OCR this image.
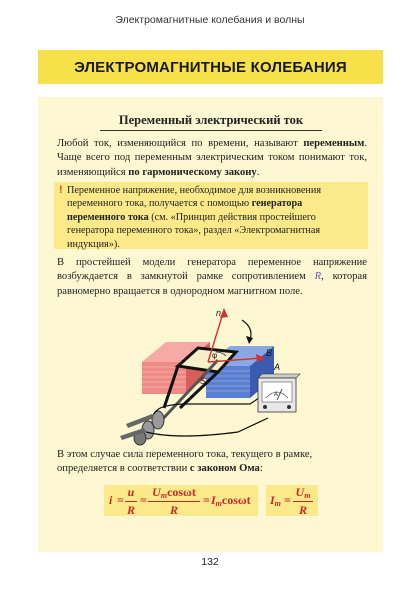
Электромагнитные колебания и волны
ЭЛЕКТРОМАГНИТНЫЕ КОЛЕБАНИЯ
Переменный электрический ток
Любой ток, изменяющийся по времени, называют переменным. Чаще всего под переменным электрическим током понимают ток, изменяющийся по гармоническому закону.
! Переменное напряжение, необходимое для возникновения переменного тока, получается с помощью генератора переменного тока (см. «Принцип действия простейшего генератора переменного тока», раздел «Электромагнитная индукция»).
В простейшей модели генератора переменное напряжение возбуждается в замкнутой рамке сопротивлением R, которая равномерно вращается в однородном магнитном поле.
n
B
S
φ
A
A
В этом случае сила переменного тока, текущего в рамке, определяется в соответствии с законом Ома:
i =
u
R
=
$U_m\cos\omega t$
R
= $I_m\cos\omega t$ $I_m$ =
$U_m$
R
132
